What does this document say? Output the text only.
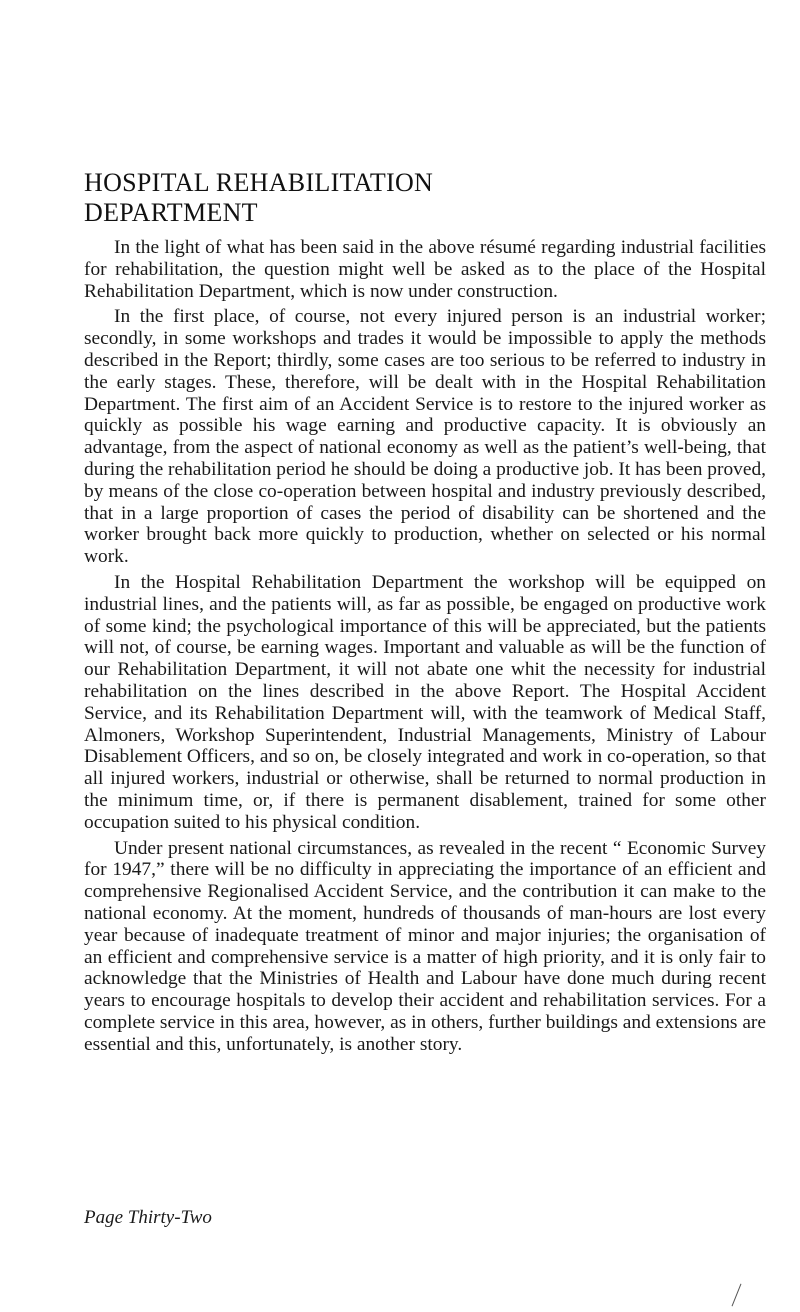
HOSPITAL REHABILITATION
DEPARTMENT

In the light of what has been said in the above résumé regarding industrial facilities for rehabilitation, the question might well be asked as to the place of the Hospital Rehabilitation Department, which is now under construction.

In the first place, of course, not every injured person is an industrial worker; secondly, in some workshops and trades it would be impossible to apply the methods described in the Report; thirdly, some cases are too serious to be referred to industry in the early stages. These, therefore, will be dealt with in the Hospital Rehabilitation Department. The first aim of an Accident Service is to restore to the injured worker as quickly as possible his wage earning and productive capacity. It is obviously an advantage, from the aspect of national economy as well as the patient’s well-being, that during the rehabilitation period he should be doing a productive job. It has been proved, by means of the close co-operation between hospital and industry previously described, that in a large proportion of cases the period of disability can be shortened and the worker brought back more quickly to production, whether on selected or his normal work.

In the Hospital Rehabilitation Department the workshop will be equipped on industrial lines, and the patients will, as far as possible, be engaged on productive work of some kind; the psychological importance of this will be appreciated, but the patients will not, of course, be earning wages. Important and valuable as will be the function of our Rehabilitation Department, it will not abate one whit the necessity for industrial rehabilitation on the lines described in the above Report. The Hospital Accident Service, and its Rehabilitation Department will, with the teamwork of Medical Staff, Almoners, Workshop Superintendent, Industrial Managements, Ministry of Labour Disablement Officers, and so on, be closely integrated and work in co-operation, so that all injured workers, industrial or otherwise, shall be returned to normal production in the minimum time, or, if there is permanent disablement, trained for some other occupation suited to his physical condition.

Under present national circumstances, as revealed in the recent “ Economic Survey for 1947,” there will be no difficulty in appreciating the importance of an efficient and comprehensive Regionalised Accident Service, and the contribution it can make to the national economy. At the moment, hundreds of thousands of man-hours are lost every year because of inadequate treatment of minor and major injuries; the organisation of an efficient and comprehensive service is a matter of high priority, and it is only fair to acknowledge that the Ministries of Health and Labour have done much during recent years to encourage hospitals to develop their accident and rehabilitation services. For a complete service in this area, however, as in others, further buildings and extensions are essential and this, unfortunately, is another story.

Page Thirty-Two
